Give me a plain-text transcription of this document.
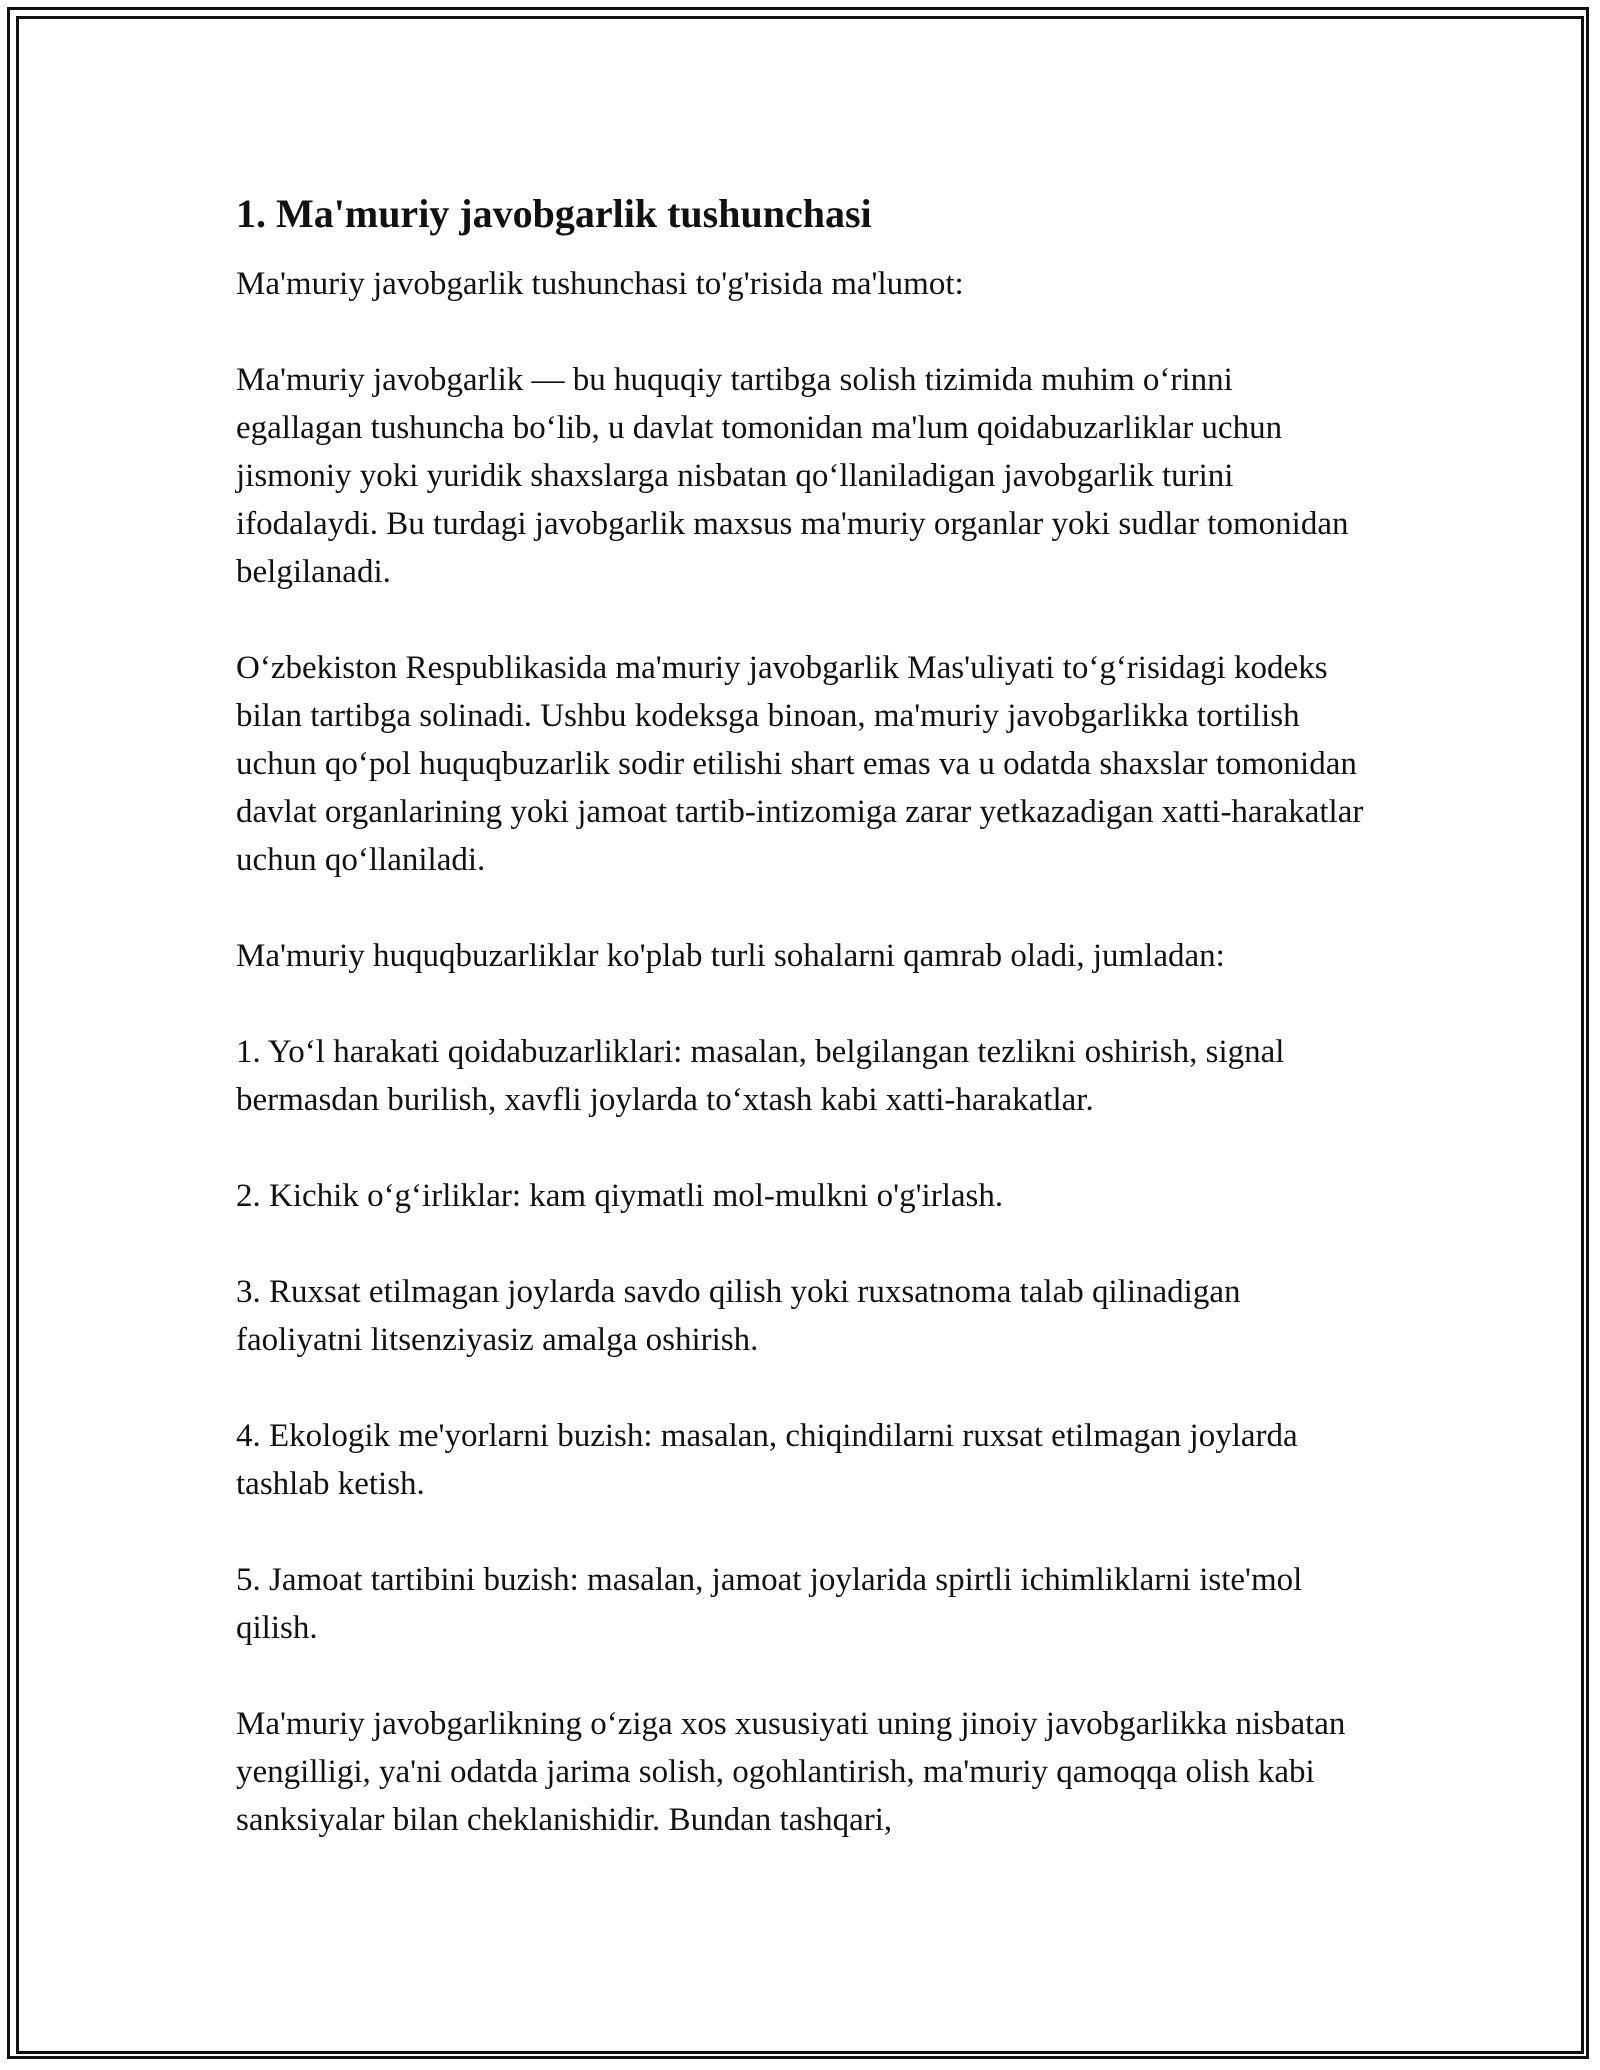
1. Ma'muriy javobgarlik tushunchasi

Ma'muriy javobgarlik tushunchasi to'g'risida ma'lumot:

Ma'muriy javobgarlik — bu huquqiy tartibga solish tizimida muhim o‘rinni egallagan tushuncha bo‘lib, u davlat tomonidan ma'lum qoidabuzarliklar uchun jismoniy yoki yuridik shaxslarga nisbatan qo‘llaniladigan javobgarlik turini ifodalaydi. Bu turdagi javobgarlik maxsus ma'muriy organlar yoki sudlar tomonidan belgilanadi.

O‘zbekiston Respublikasida ma'muriy javobgarlik Mas'uliyati to‘g‘risidagi kodeks bilan tartibga solinadi. Ushbu kodeksga binoan, ma'muriy javobgarlikka tortilish uchun qo‘pol huquqbuzarlik sodir etilishi shart emas va u odatda shaxslar tomonidan davlat organlarining yoki jamoat tartib-intizomiga zarar yetkazadigan xatti-harakatlar uchun qo‘llaniladi.

Ma'muriy huquqbuzarliklar ko'plab turli sohalarni qamrab oladi, jumladan:

1. Yo‘l harakati qoidabuzarliklari: masalan, belgilangan tezlikni oshirish, signal bermasdan burilish, xavfli joylarda to‘xtash kabi xatti-harakatlar.

2. Kichik o‘g‘irliklar: kam qiymatli mol-mulkni o'g'irlash.

3. Ruxsat etilmagan joylarda savdo qilish yoki ruxsatnoma talab qilinadigan faoliyatni litsenziyasiz amalga oshirish.

4. Ekologik me'yorlarni buzish: masalan, chiqindilarni ruxsat etilmagan joylarda tashlab ketish.

5. Jamoat tartibini buzish: masalan, jamoat joylarida spirtli ichimliklarni iste'mol qilish.

Ma'muriy javobgarlikning o‘ziga xos xususiyati uning jinoiy javobgarlikka nisbatan yengilligi, ya'ni odatda jarima solish, ogohlantirish, ma'muriy qamoqqa olish kabi sanksiyalar bilan cheklanishidir. Bundan tashqari,
